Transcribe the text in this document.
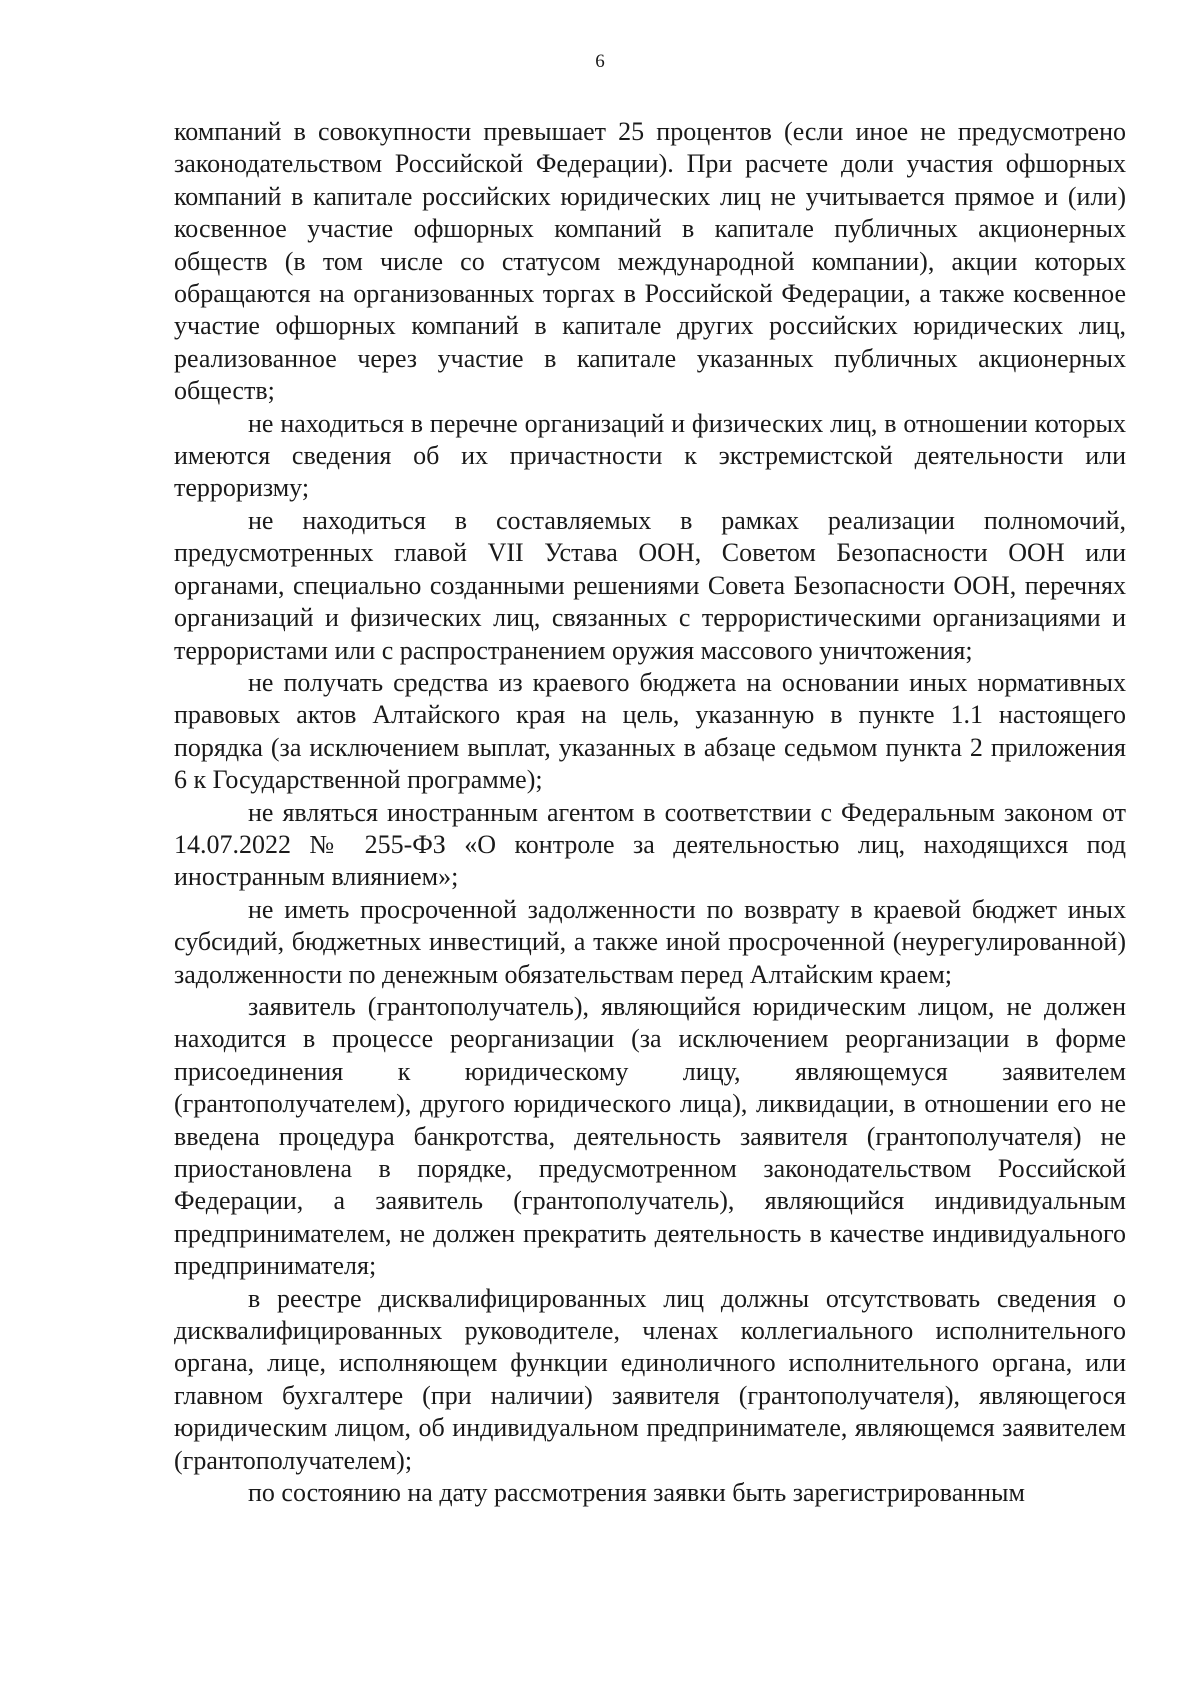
6

компаний в совокупности превышает 25 процентов (если иное не предусмотрено законодательством Российской Федерации). При расчете доли участия офшорных компаний в капитале российских юридических лиц не учитывается прямое и (или) косвенное участие офшорных компаний в капитале публичных акционерных обществ (в том числе со статусом международной компании), акции которых обращаются на организованных торгах в Российской Федерации, а также косвенное участие офшорных компаний в капитале других российских юридических лиц, реализованное через участие в капитале указанных публичных акционерных обществ;

не находиться в перечне организаций и физических лиц, в отношении которых имеются сведения об их причастности к экстремистской деятельности или терроризму;

не находиться в составляемых в рамках реализации полномочий, предусмотренных главой VII Устава ООН, Советом Безопасности ООН или органами, специально созданными решениями Совета Безопасности ООН, перечнях организаций и физических лиц, связанных с террористическими организациями и террористами или с распространением оружия массового уничтожения;

не получать средства из краевого бюджета на основании иных нормативных правовых актов Алтайского края на цель, указанную в пункте 1.1 настоящего порядка (за исключением выплат, указанных в абзаце седьмом пункта 2 приложения 6 к Государственной программе);

не являться иностранным агентом в соответствии с Федеральным законом от 14.07.2022 № 255-ФЗ «О контроле за деятельностью лиц, находящихся под иностранным влиянием»;

не иметь просроченной задолженности по возврату в краевой бюджет иных субсидий, бюджетных инвестиций, а также иной просроченной (неурегулированной) задолженности по денежным обязательствам перед Алтайским краем;

заявитель (грантополучатель), являющийся юридическим лицом, не должен находится в процессе реорганизации (за исключением реорганизации в форме присоединения к юридическому лицу, являющемуся заявителем (грантополучателем), другого юридического лица), ликвидации, в отношении его не введена процедура банкротства, деятельность заявителя (грантополучателя) не приостановлена в порядке, предусмотренном законодательством Российской Федерации, а заявитель (грантополучатель), являющийся индивидуальным предпринимателем, не должен прекратить деятельность в качестве индивидуального предпринимателя;

в реестре дисквалифицированных лиц должны отсутствовать сведения о дисквалифицированных руководителе, членах коллегиального исполнительного органа, лице, исполняющем функции единоличного исполнительного органа, или главном бухгалтере (при наличии) заявителя (грантополучателя), являющегося юридическим лицом, об индивидуальном предпринимателе, являющемся заявителем (грантополучателем);

по состоянию на дату рассмотрения заявки быть зарегистрированным
